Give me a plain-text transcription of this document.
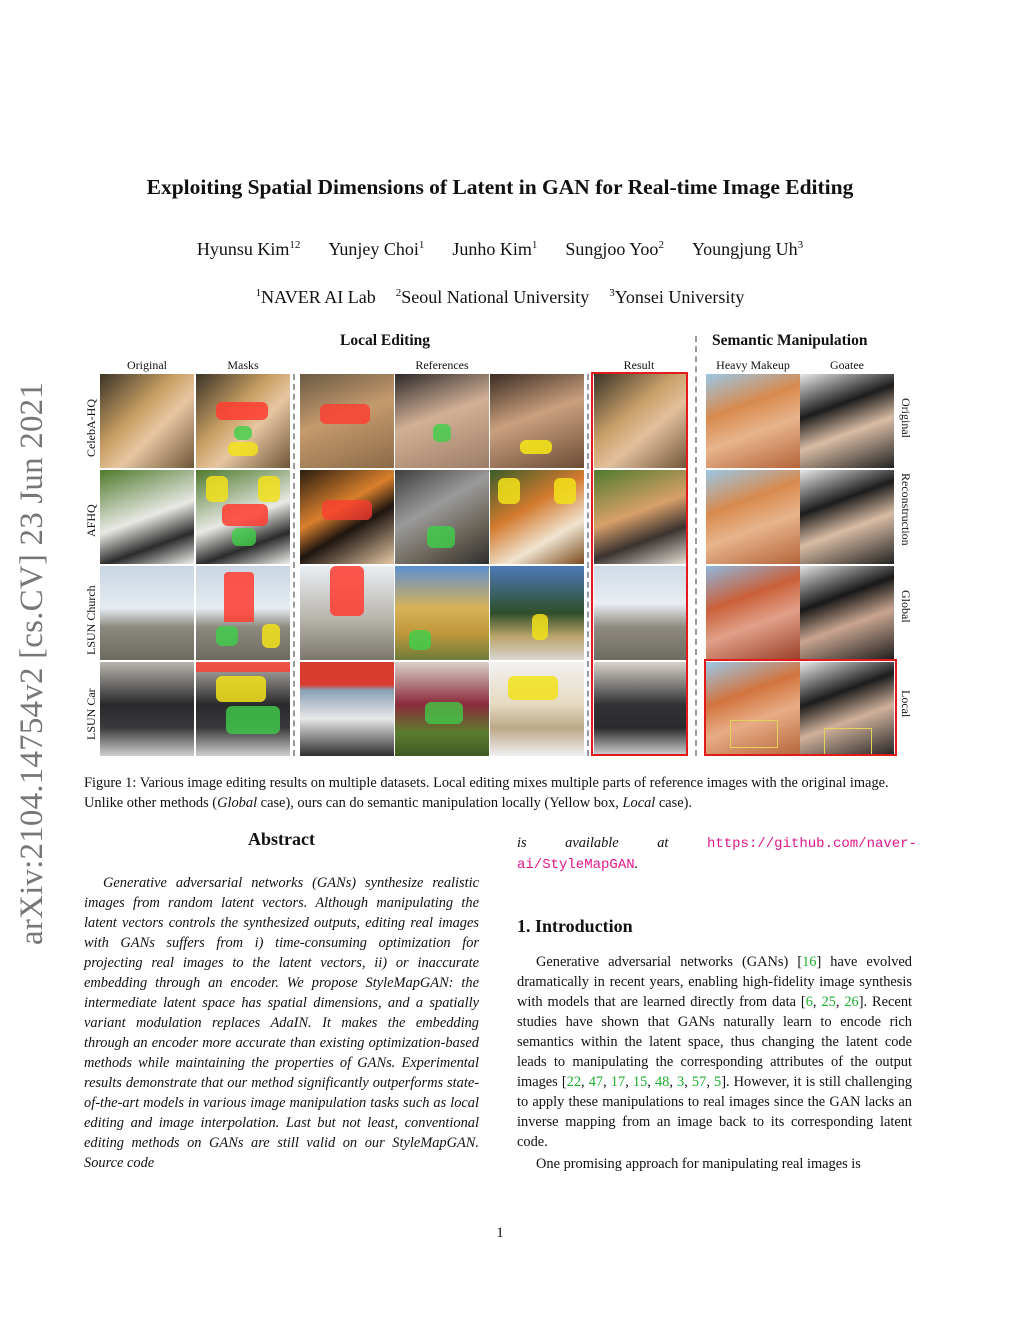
arXiv:2104.14754v2 [cs.CV] 23 Jun 2021
Exploiting Spatial Dimensions of Latent in GAN for Real-time Image Editing
Hyunsu Kim$^{12}$ Yunjey Choi$^1$ Junho Kim$^1$ Sungjoo Yoo$^2$ Youngjung Uh$^3$
$^1$NAVER AI Lab $^2$Seoul National University $^3$Yonsei University
Local Editing	Semantic Manipulation
Original	Masks	References	Result	Heavy Makeup	Goatee
CelebA-HQ
AFHQ
LSUN Church
LSUN Car
Original
Reconstruction
Global
Local
Figure 1: Various image editing results on multiple datasets. Local editing mixes multiple parts of reference images with the original image. Unlike other methods (Global case), ours can do semantic manipulation locally (Yellow box, Local case).
Abstract
Generative adversarial networks (GANs) synthesize realistic images from random latent vectors. Although manipulating the latent vectors controls the synthesized outputs, editing real images with GANs suffers from i) time-consuming optimization for projecting real images to the latent vectors, ii) or inaccurate embedding through an encoder. We propose StyleMapGAN: the intermediate latent space has spatial dimensions, and a spatially variant modulation replaces AdaIN. It makes the embedding through an encoder more accurate than existing optimization-based methods while maintaining the properties of GANs. Experimental results demonstrate that our method significantly outperforms state-of-the-art models in various image manipulation tasks such as local editing and image interpolation. Last but not least, conventional editing methods on GANs are still valid on our StyleMapGAN. Source code
is available at https://github.com/naver-ai/StyleMapGAN.
1. Introduction

Generative adversarial networks (GANs) [16] have evolved dramatically in recent years, enabling high-fidelity image synthesis with models that are learned directly from data [6, 25, 26]. Recent studies have shown that GANs naturally learn to encode rich semantics within the latent space, thus changing the latent code leads to manipulating the corresponding attributes of the output images [22, 47, 17, 15, 48, 3, 57, 5]. However, it is still challenging to apply these manipulations to real images since the GAN lacks an inverse mapping from an image back to its corresponding latent code.

One promising approach for manipulating real images is

1
